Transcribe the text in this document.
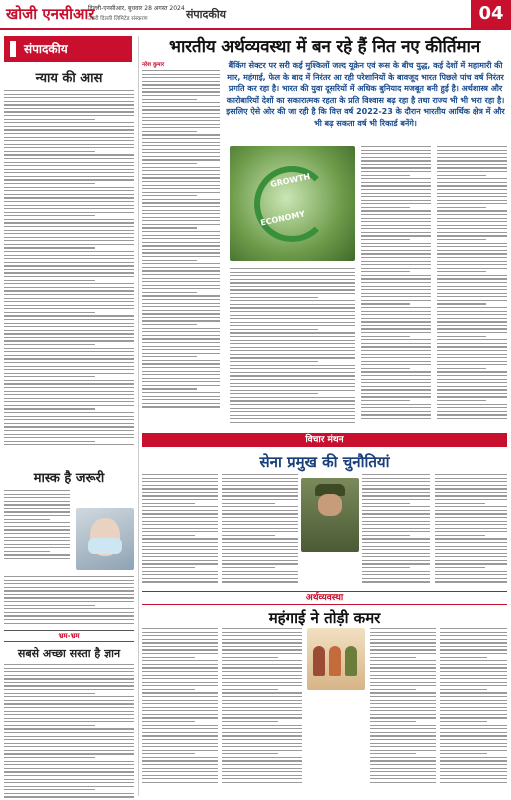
खोजी एनसीआर
दिल्ली-एनसीआर, बुधवार 28 अगस्त 2024
उत्तरी दिल्ली लिमिटेड संस्करण	संपादकीय	04
संपादकीय
न्याय की आस
मास्क है जरूरी
भ्रम-भ्रम
सबसे अच्छा सस्ता है ज्ञान
भारतीय अर्थव्यवस्था में बन रहे हैं नित नए कीर्तिमान
नरेश कुमार	बैंकिंग सेक्टर पर सरी कई मुश्किलों जल्द यूक्रेन एवं रूस के बीच युद्ध, कई देशों में महामारी की मार, महंगाई, फेल के बाद में निरंतर आ रही परेशानियों के बावजूद भारत पिछले पांच वर्ष निरंतर प्रगति कर रहा है। भारत की युवा दूसरियों में अधिक बुनियाद मजबूत बनी हुई है। अर्थशास्त्र और कारोबारियों देशों का सकारात्मक रहता के प्रति विश्वास बढ़ रहा है तथा राज्य भी भी भरा रहा है। इसलिए ऐसे ओर की जा रही है कि वित्त वर्ष 2022-23 के दौरान भारतीय आर्थिक क्षेत्र में और भी बढ़ सकता वर्ष भी रिकार्ड बनेंगे।
GROWTH
ECONOMY
विचार मंथन
सेना प्रमुख की चुनौतियां
अर्थव्यवस्था
महंगाई ने तोड़ी कमर
